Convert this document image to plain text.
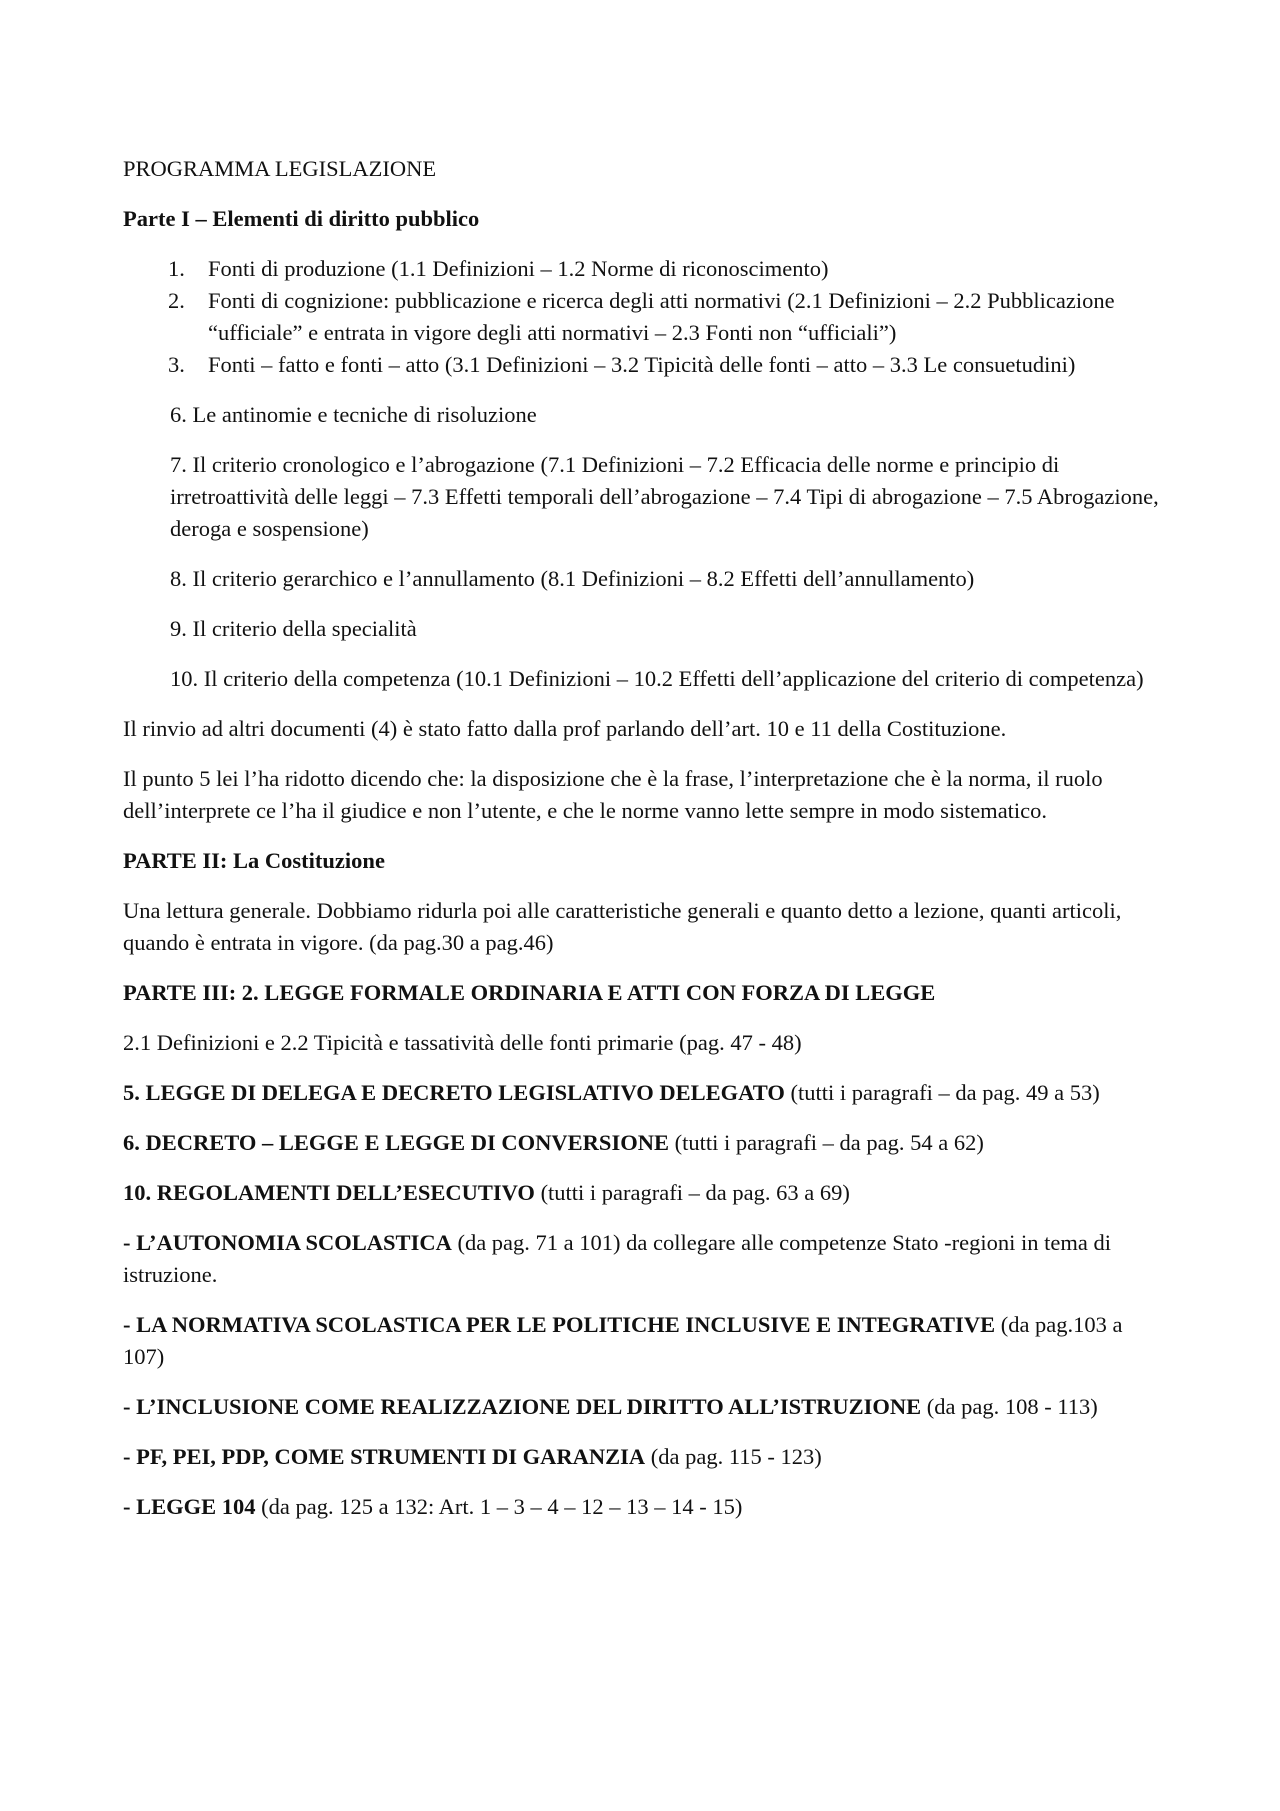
PROGRAMMA LEGISLAZIONE

Parte I – Elementi di diritto pubblico

1. Fonti di produzione (1.1 Definizioni – 1.2 Norme di riconoscimento)
2. Fonti di cognizione: pubblicazione e ricerca degli atti normativi (2.1 Definizioni – 2.2 Pubblicazione “ufficiale” e entrata in vigore degli atti normativi – 2.3 Fonti non “ufficiali”)
3. Fonti – fatto e fonti – atto (3.1 Definizioni – 3.2 Tipicità delle fonti – atto – 3.3 Le consuetudini)

6. Le antinomie e tecniche di risoluzione

7. Il criterio cronologico e l’abrogazione (7.1 Definizioni – 7.2 Efficacia delle norme e principio di irretroattività delle leggi – 7.3 Effetti temporali dell’abrogazione – 7.4 Tipi di abrogazione – 7.5 Abrogazione, deroga e sospensione)

8. Il criterio gerarchico e l’annullamento (8.1 Definizioni – 8.2 Effetti dell’annullamento)

9. Il criterio della specialità

10. Il criterio della competenza (10.1 Definizioni – 10.2 Effetti dell’applicazione del criterio di competenza)

Il rinvio ad altri documenti (4) è stato fatto dalla prof parlando dell’art. 10 e 11 della Costituzione.

Il punto 5 lei l’ha ridotto dicendo che: la disposizione che è la frase, l’interpretazione che è la norma, il ruolo dell’interprete ce l’ha il giudice e non l’utente, e che le norme vanno lette sempre in modo sistematico.

PARTE II: La Costituzione

Una lettura generale. Dobbiamo ridurla poi alle caratteristiche generali e quanto detto a lezione, quanti articoli, quando è entrata in vigore. (da pag.30 a pag.46)

PARTE III: 2. LEGGE FORMALE ORDINARIA E ATTI CON FORZA DI LEGGE

2.1 Definizioni e 2.2 Tipicità e tassatività delle fonti primarie (pag. 47 - 48)

5. LEGGE DI DELEGA E DECRETO LEGISLATIVO DELEGATO (tutti i paragrafi – da pag. 49 a 53)

6. DECRETO – LEGGE E LEGGE DI CONVERSIONE (tutti i paragrafi – da pag. 54 a 62)

10. REGOLAMENTI DELL’ESECUTIVO (tutti i paragrafi – da pag. 63 a 69)

- L’AUTONOMIA SCOLASTICA (da pag. 71 a 101) da collegare alle competenze Stato -regioni in tema di istruzione.

- LA NORMATIVA SCOLASTICA PER LE POLITICHE INCLUSIVE E INTEGRATIVE (da pag.103 a 107)

- L’INCLUSIONE COME REALIZZAZIONE DEL DIRITTO ALL’ISTRUZIONE (da pag. 108 - 113)

- PF, PEI, PDP, COME STRUMENTI DI GARANZIA (da pag. 115 - 123)

- LEGGE 104 (da pag. 125 a 132: Art. 1 – 3 – 4 – 12 – 13 – 14 - 15)
